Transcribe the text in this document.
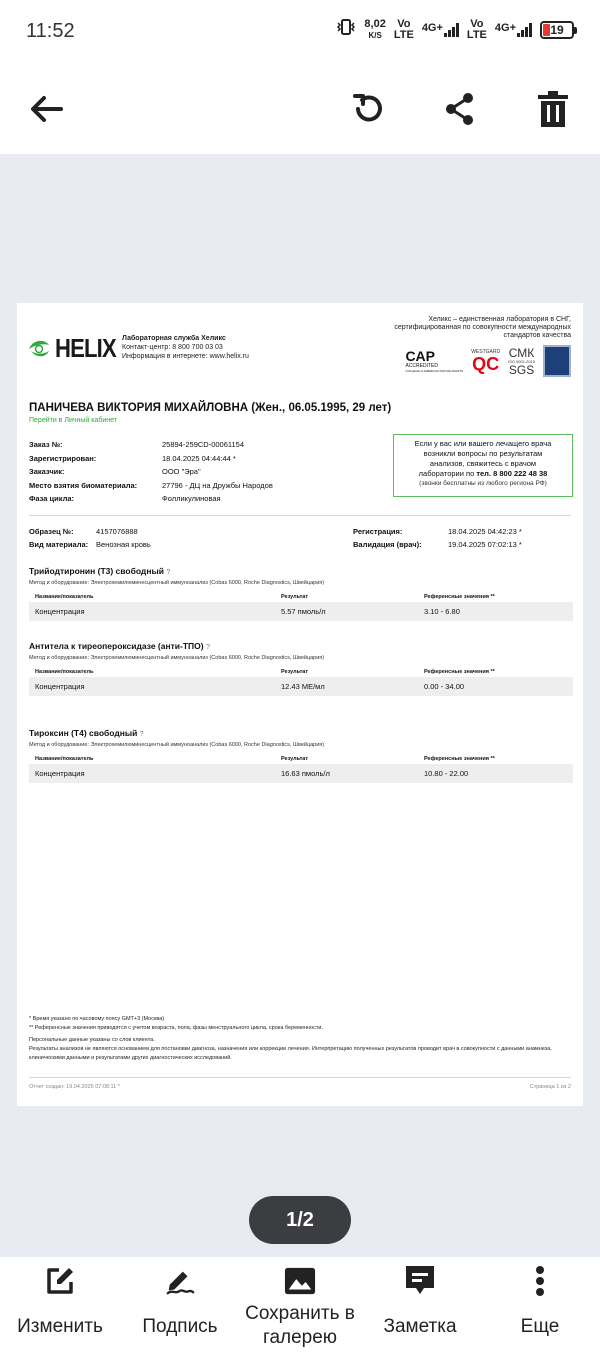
11:52	8,02
K/S
Vo
LTE
4G+	Vo
LTE
4G+	19
HELIX Лабораторная служба Хеликс
Контакт-центр: 8 800 700 03 03
Информация в интернете: www.helix.ru
Хеликс – единственная лаборатория в СНГ, сертифицированная по совокупности международных стандартов качества
CAP
ACCREDITED
COLLEGE of AMERICAN PATHOLOGISTS
WESTGARD
QC
СМК
ISO 9001:2015
SGS
ПАНИЧЕВА ВИКТОРИЯ МИХАЙЛОВНА (Жен., 06.05.1995, 29 лет)
Перейти в Личный кабинет
Заказ №:	25894-259CD-00061154
Зарегистрирован:	18.04.2025 04:44:44 *
Заказчик:	ООО "Эра"
Место взятия биоматериала:	27796 - ДЦ на Дружбы Народов
Фаза цикла:	Фолликулиновая
Если у вас или вашего лечащего врача
возникли вопросы по результатам
анализов, свяжитесь с врачом
лаборатории по тел. 8 800 222 48 38
(звонки бесплатны из любого региона РФ)
Образец №:	4157076888
Вид материала:	Венозная кровь
Регистрация:	18.04.2025 04:42:23 *
Валидация (врач):	19.04.2025 07:02:13 *
Трийодтиронин (Т3) свободный ?
Метод и оборудование: Электрохемилюминесцентный иммуноанализ (Cobas 6000, Roche Diagnostics, Швейцария)
Название/показатель	Результат	Референсные значения **
Концентрация	5.57 пмоль/л	3.10 - 6.80
Антитела к тиреопероксидазе (анти-ТПО) ?
Метод и оборудование: Электрохемилюминесцентный иммуноанализ (Cobas 6000, Roche Diagnostics, Швейцария)
Название/показатель	Результат	Референсные значения **
Концентрация	12.43 МЕ/мл	0.00 - 34.00
Тироксин (Т4) свободный ?
Метод и оборудование: Электрохемилюминесцентный иммуноанализ (Cobas 6000, Roche Diagnostics, Швейцария)
Название/показатель	Результат	Референсные значения **
Концентрация	16.63 пмоль/л	10.80 - 22.00

* Время указано по часовому поясу GMT+3 (Москва)

** Референсные значения приводятся с учетом возраста, пола, фазы менструального цикла, срока беременности.

Персональные данные указаны со слов клиента.

Результаты анализов не являются основанием для постановки диагноза, назначения или коррекции лечения. Интерпретацию полученных результатов проводит врач в совокупности с данными анамнеза, клиническими данными и результатами других диагностических исследований.

Отчет создан: 19.04.2025 07:08:11 *	Страница 1 из 2
1/2
Изменить	Подпись
Сохранить в
галерею
Заметка	Еще
